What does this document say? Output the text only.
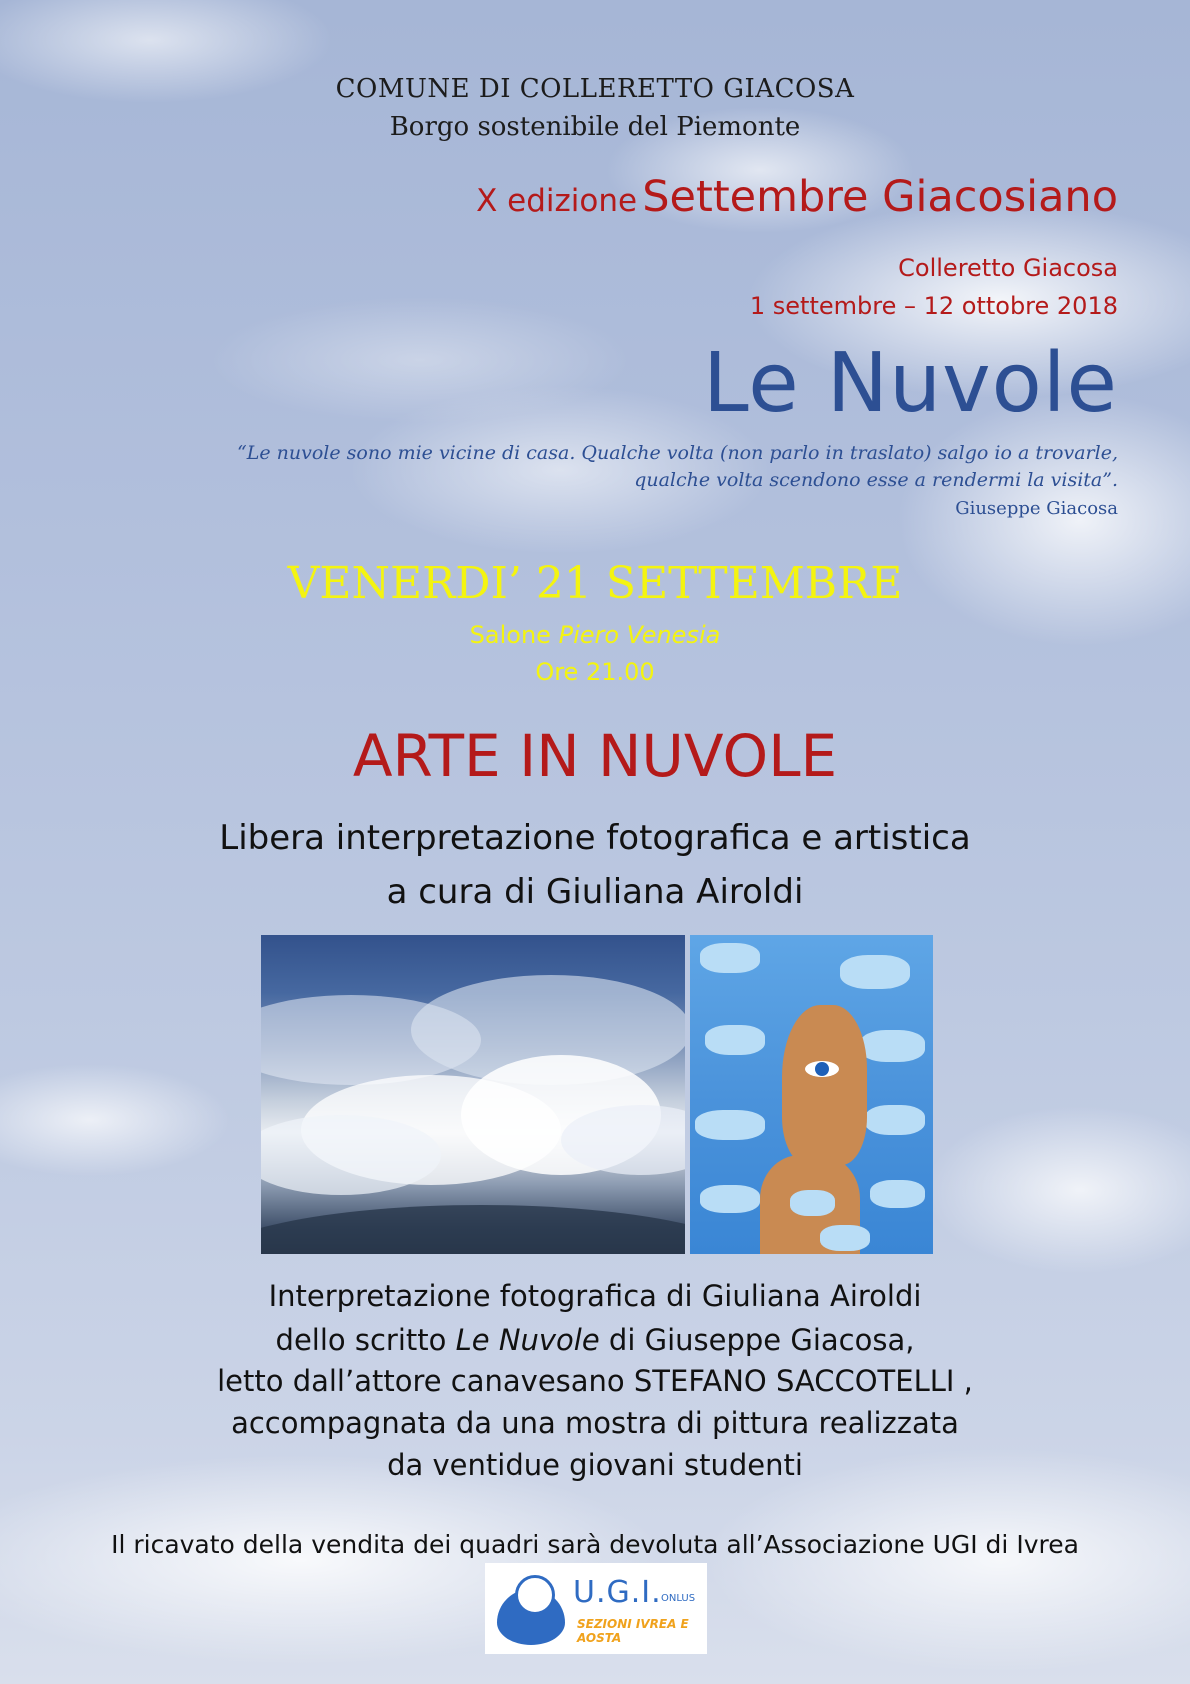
COMUNE DI COLLERETTO GIACOSA
Borgo sostenibile del Piemonte
X edizione Settembre Giacosiano
Colleretto Giacosa
1 settembre – 12 ottobre 2018
Le Nuvole
“Le nuvole sono mie vicine di casa. Qualche volta (non parlo in traslato) salgo io a trovarle,
qualche volta scendono esse a rendermi la visita”.
Giuseppe Giacosa
VENERDI’ 21 SETTEMBRE
Salone Piero Venesia
Ore 21.00
ARTE IN NUVOLE
Libera interpretazione fotografica e artistica
a cura di Giuliana Airoldi
Interpretazione fotografica di Giuliana Airoldi
dello scritto Le Nuvole di Giuseppe Giacosa,
letto dall’attore canavesano STEFANO SACCOTELLI ,
accompagnata da una mostra di pittura realizzata
da ventidue giovani studenti
Il ricavato della vendita dei quadri sarà devoluta all’Associazione UGI di Ivrea
U.G.I. ONLUS
SEZIONI IVREA E AOSTA
